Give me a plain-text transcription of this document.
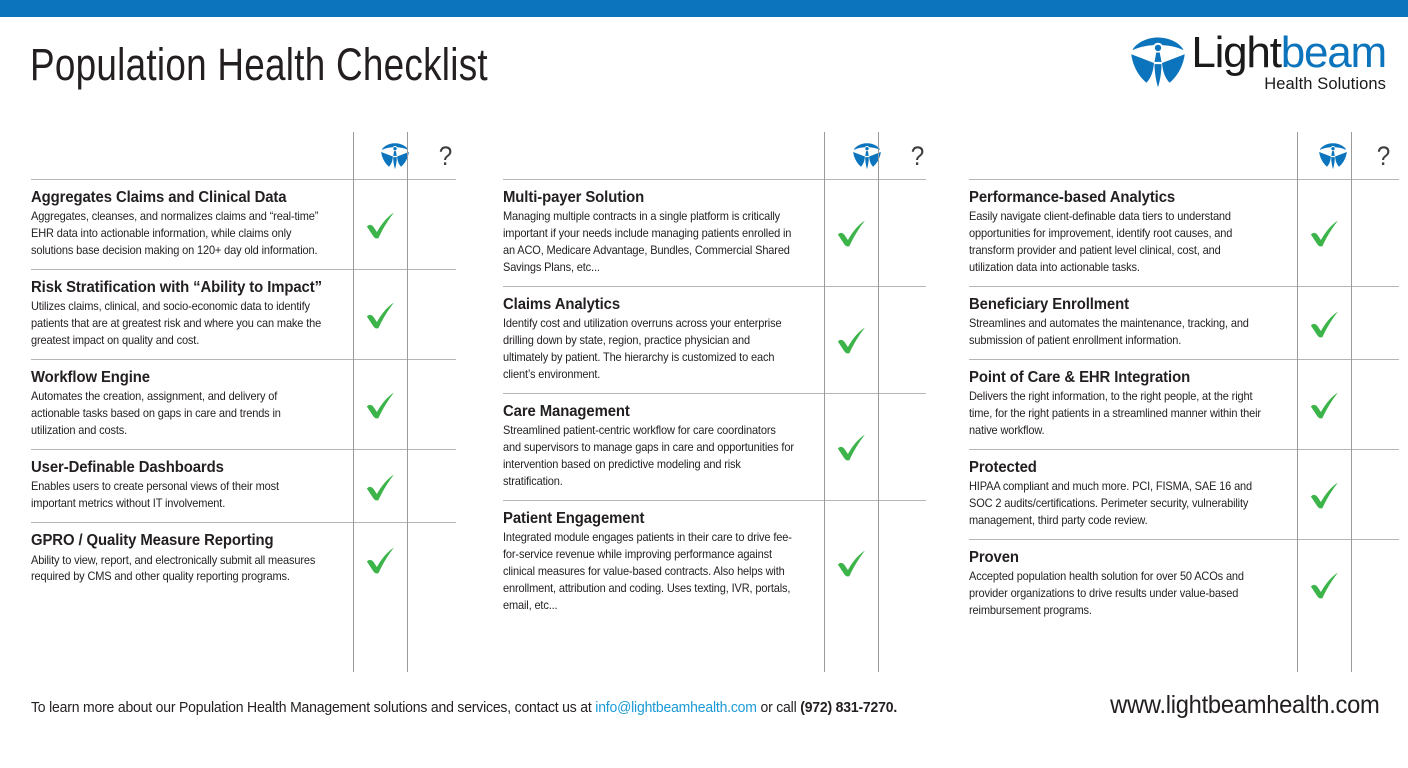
Population Health Checklist	Lightbeam
Health Solutions
?
Aggregates Claims and Clinical Data
Aggregates, cleanses, and normalizes claims and “real-time” EHR data into actionable information, while claims only solutions base decision making on 120+ day old information.
Risk Stratification with “Ability to Impact”
Utilizes claims, clinical, and socio-economic data to identify patients that are at greatest risk and where you can make the greatest impact on quality and cost.
Workflow Engine
Automates the creation, assignment, and delivery of actionable tasks based on gaps in care and trends in utilization and costs.
User-Definable Dashboards
Enables users to create personal views of their most important metrics without IT involvement.
GPRO / Quality Measure Reporting
Ability to view, report, and electronically submit all measures required by CMS and other quality reporting programs.
?
Multi-payer Solution
Managing multiple contracts in a single platform is critically important if your needs include managing patients enrolled in an ACO, Medicare Advantage, Bundles, Commercial Shared Savings Plans, etc...
Claims Analytics
Identify cost and utilization overruns across your enterprise drilling down by state, region, practice physician and ultimately by patient. The hierarchy is customized to each client’s environment.
Care Management
Streamlined patient-centric workflow for care coordinators and supervisors to manage gaps in care and opportunities for intervention based on predictive modeling and risk stratification.
Patient Engagement
Integrated module engages patients in their care to drive fee-for-service revenue while improving performance against clinical measures for value-based contracts. Also helps with enrollment, attribution and coding. Uses texting, IVR, portals, email, etc...
?
Performance-based Analytics
Easily navigate client-definable data tiers to understand opportunities for improvement, identify root causes, and transform provider and patient level clinical, cost, and utilization data into actionable tasks.
Beneficiary Enrollment
Streamlines and automates the maintenance, tracking, and submission of patient enrollment information.
Point of Care & EHR Integration
Delivers the right information, to the right people, at the right time, for the right patients in a streamlined manner within their native workflow.
Protected
HIPAA compliant and much more. PCI, FISMA, SAE 16 and SOC 2 audits/certifications. Perimeter security, vulnerability management, third party code review.
Proven
Accepted population health solution for over 50 ACOs and provider organizations to drive results under value-based reimbursement programs.
To learn more about our Population Health Management solutions and services, contact us at info@lightbeamhealth.com or call (972) 831-7270.	www.lightbeamhealth.com
